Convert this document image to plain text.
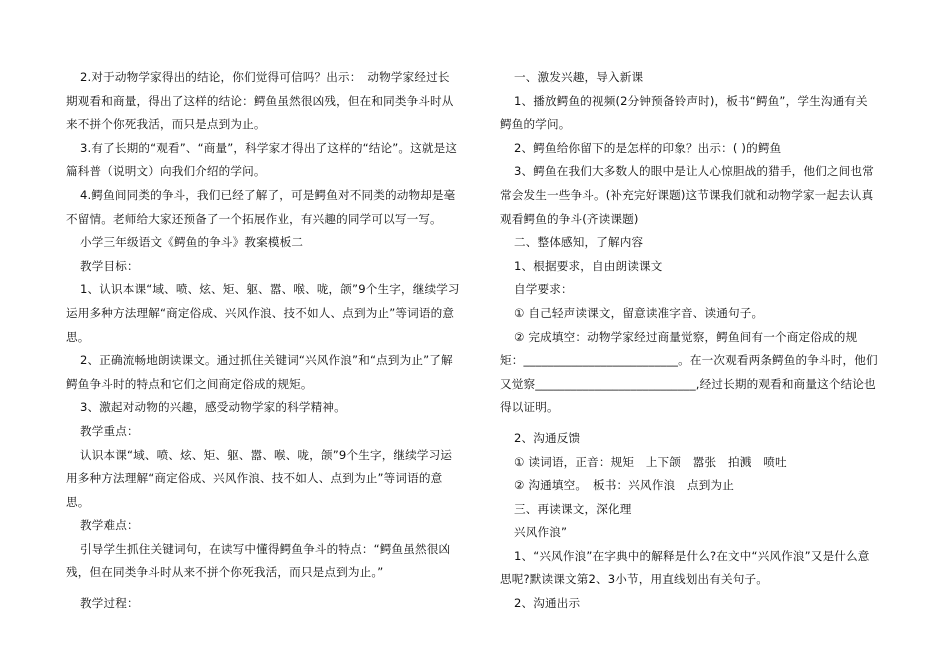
2.对于动物学家得出的结论，你们觉得可信吗？出示：　动物学家经过长期观看和商量，得出了这样的结论：鳄鱼虽然很凶残，但在和同类争斗时从来不拼个你死我活，而只是点到为止。

3.有了长期的“观看”、“商量”，科学家才得出了这样的“结论”。这就是这篇科普（说明文）向我们介绍的学问。

4.鳄鱼间同类的争斗，我们已经了解了，可是鳄鱼对不同类的动物却是毫不留情。老师给大家还预备了一个拓展作业，有兴趣的同学可以写一写。

小学三年级语文《鳄鱼的争斗》教案模板二

教学目标：

1、认识本课“域、喷、炫、矩、躯、嚣、喉、咙，颌”9个生字，继续学习运用多种方法理解“商定俗成、兴风作浪、技不如人、点到为止”等词语的意思。

2、正确流畅地朗读课文。通过抓住关键词“兴风作浪”和“点到为止”了解鳄鱼争斗时的特点和它们之间商定俗成的规矩。

3、激起对动物的兴趣，感受动物学家的科学精神。

教学重点：

认识本课“域、喷、炫、矩、躯、嚣、喉、咙，颌”9个生字，继续学习运用多种方法理解“商定俗成、兴风作浪、技不如人、点到为止”等词语的意思。

教学难点：

引导学生抓住关键词句，在读写中懂得鳄鱼争斗的特点：“鳄鱼虽然很凶残，但在同类争斗时从来不拼个你死我活，而只是点到为止。”

教学过程：

一、激发兴趣，导入新课

1、播放鳄鱼的视频(2分钟预备铃声时)，板书“鳄鱼”，学生沟通有关鳄鱼的学问。

2、鳄鱼给你留下的是怎样的印象？出示：( )的鳄鱼

3、鳄鱼在我们大多数人的眼中是让人心惊胆战的猎手，他们之间也常常会发生一些争斗。(补充完好课题)这节课我们就和动物学家一起去认真观看鳄鱼的争斗(齐读课题)

二、整体感知，了解内容

1、根据要求，自由朗读课文

自学要求：

① 自己轻声读课文，留意读准字音、读通句子。

② 完成填空：动物学家经过商量觉察，鳄鱼间有一个商定俗成的规矩：__________________________。在一次观看两条鳄鱼的争斗时，他们又觉察___________________________,经过长期的观看和商量这个结论也得以证明。

2、沟通反馈

① 读词语，正音：规矩　上下颌　嚣张　拍溅　喷吐

② 沟通填空。　板书：兴风作浪　点到为止

三、再读课文，深化理

兴风作浪”

1、“兴风作浪”在字典中的解释是什么?在文中“兴风作浪”又是什么意思呢?默读课文第2、3小节，用直线划出有关句子。

2、沟通出示
